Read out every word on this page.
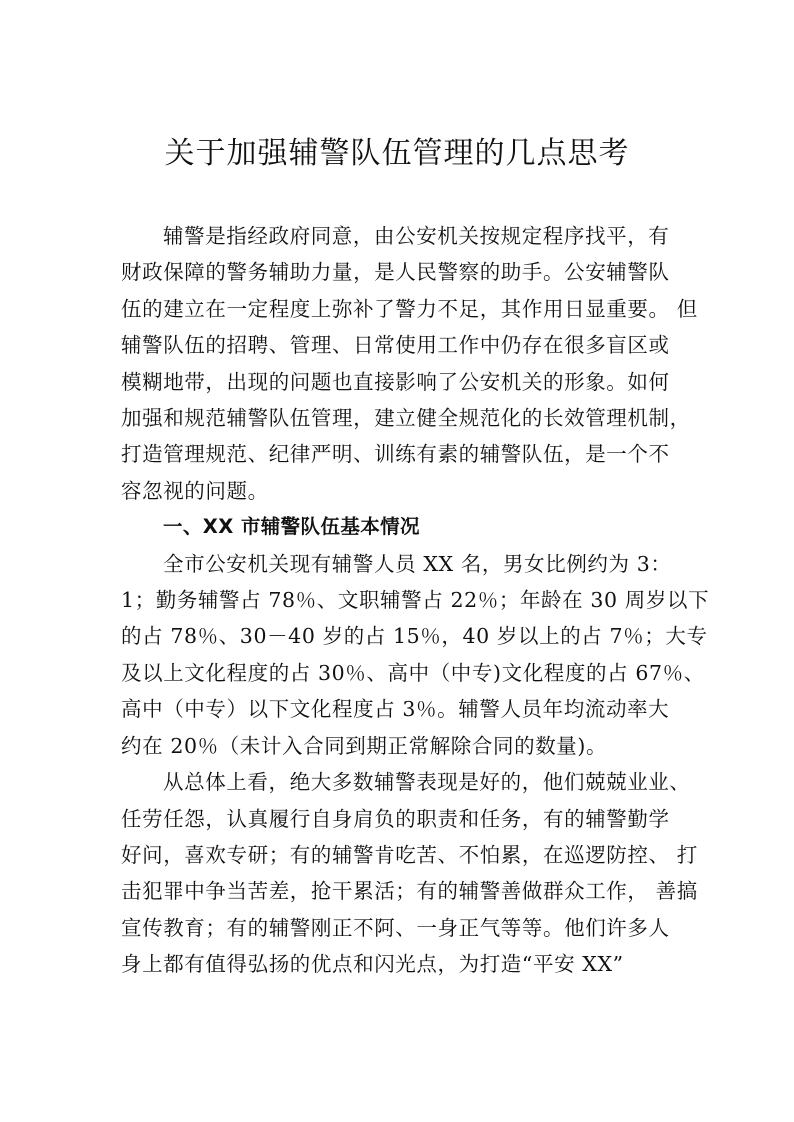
关于加强辅警队伍管理的几点思考

辅警是指经政府同意，由公安机关按规定程序找平，有
财政保障的警务辅助力量，是人民警察的助手。公安辅警队
伍的建立在一定程度上弥补了警力不足，其作用日显重要。 但
辅警队伍的招聘、管理、日常使用工作中仍存在很多盲区或
模糊地带，出现的问题也直接影响了公安机关的形象。如何
加强和规范辅警队伍管理，建立健全规范化的长效管理机制，
打造管理规范、纪律严明、训练有素的辅警队伍，是一个不
容忽视的问题。

一、XX 市辅警队伍基本情况

全市公安机关现有辅警人员 XX 名，男女比例约为 3：
1；勤务辅警占 78％、文职辅警占 22％；年龄在 30 周岁以下
的占 78％、30－40 岁的占 15％，40 岁以上的占 7％；大专
及以上文化程度的占 30％、高中（中专)文化程度的占 67％、
高中（中专）以下文化程度占 3％。辅警人员年均流动率大
约在 20％（未计入合同到期正常解除合同的数量)。

从总体上看，绝大多数辅警表现是好的，他们兢兢业业、
任劳任怨，认真履行自身肩负的职责和任务，有的辅警勤学
好问，喜欢专研；有的辅警肯吃苦、不怕累，在巡逻防控、 打
击犯罪中争当苦差，抢干累活；有的辅警善做群众工作， 善搞
宣传教育；有的辅警刚正不阿、一身正气等等。他们许多人
身上都有值得弘扬的优点和闪光点，为打造“平安 XX”
